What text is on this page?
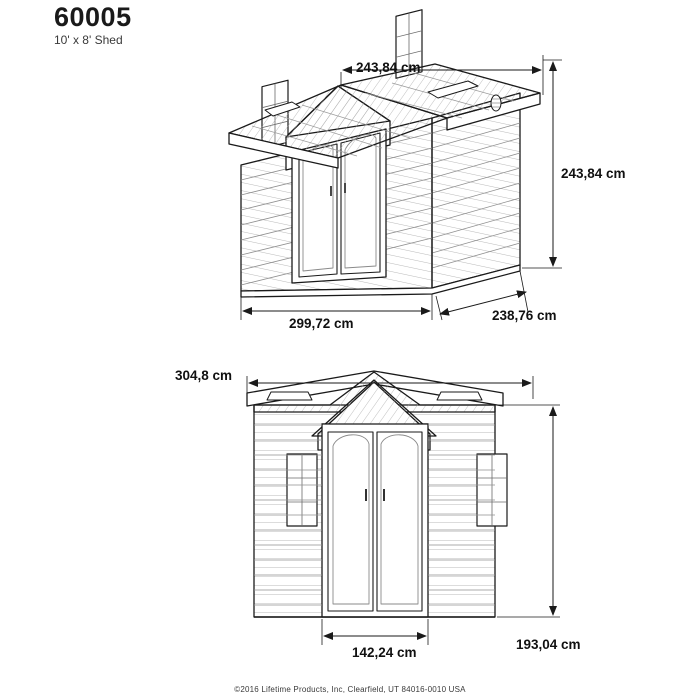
60005
10' x 8' Shed
243,84 cm
243,84 cm
299,72 cm
238,76 cm
304,8 cm
142,24 cm
193,04 cm
©2016 Lifetime Products, Inc, Clearfield, UT 84016-0010 USA
